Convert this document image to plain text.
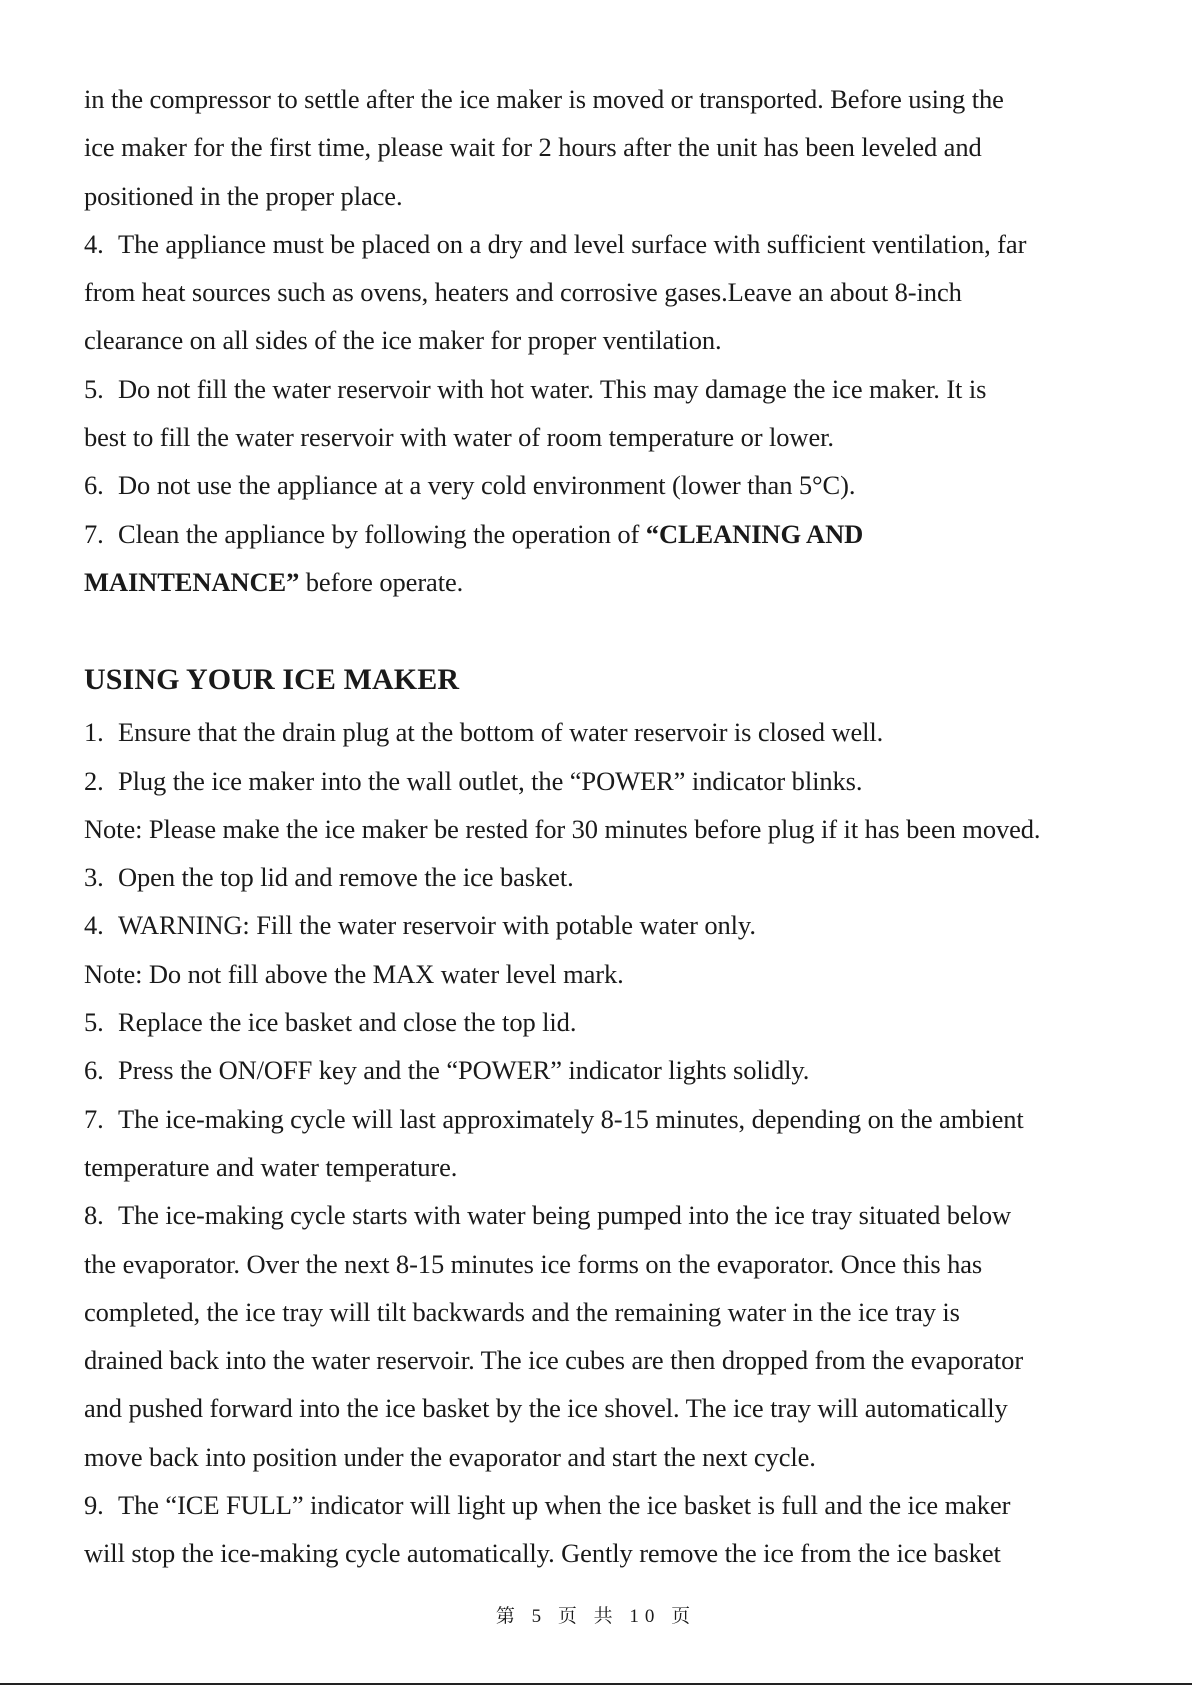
in the compressor to settle after the ice maker is moved or transported. Before using the
ice maker for the first time, please wait for 2 hours after the unit has been leveled and
positioned in the proper place.
4. The appliance must be placed on a dry and level surface with sufficient ventilation, far
from heat sources such as ovens, heaters and corrosive gases.Leave an about 8-inch
clearance on all sides of the ice maker for proper ventilation.
5. Do not fill the water reservoir with hot water. This may damage the ice maker. It is
best to fill the water reservoir with water of room temperature or lower.
6. Do not use the appliance at a very cold environment (lower than 5°C).
7. Clean the appliance by following the operation of “CLEANING AND
MAINTENANCE” before operate.
USING YOUR ICE MAKER
1. Ensure that the drain plug at the bottom of water reservoir is closed well.
2. Plug the ice maker into the wall outlet, the “POWER” indicator blinks.
Note: Please make the ice maker be rested for 30 minutes before plug if it has been moved.
3. Open the top lid and remove the ice basket.
4. WARNING: Fill the water reservoir with potable water only.
Note: Do not fill above the MAX water level mark.
5. Replace the ice basket and close the top lid.
6. Press the ON/OFF key and the “POWER” indicator lights solidly.
7. The ice-making cycle will last approximately 8-15 minutes, depending on the ambient
temperature and water temperature.
8. The ice-making cycle starts with water being pumped into the ice tray situated below
the evaporator. Over the next 8-15 minutes ice forms on the evaporator. Once this has
completed, the ice tray will tilt backwards and the remaining water in the ice tray is
drained back into the water reservoir. The ice cubes are then dropped from the evaporator
and pushed forward into the ice basket by the ice shovel. The ice tray will automatically
move back into position under the evaporator and start the next cycle.
9. The “ICE FULL” indicator will light up when the ice basket is full and the ice maker
will stop the ice-making cycle automatically. Gently remove the ice from the ice basket
第 5 页 共 10 页
